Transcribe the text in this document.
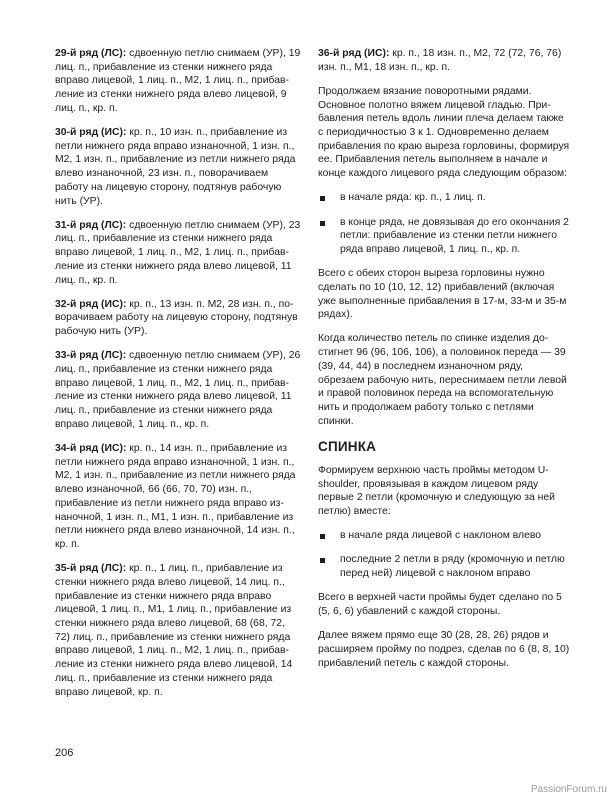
29-й ряд (ЛС): сдвоенную петлю снимаем (УР), 19 лиц. п., прибавление из стенки нижнего ряда вправо лицевой, 1 лиц. п., М2, 1 лиц. п., прибавление из стенки нижнего ряда влево лицевой, 9 лиц. п., кр. п.

30-й ряд (ИС): кр. п., 10 изн. п., прибавление из петли нижнего ряда вправо изнаночной, 1 изн. п., М2, 1 изн. п., прибавление из петли нижнего ряда влево изнаночной, 23 изн. п., поворачиваем работу на лицевую сторону, подтянув рабочую нить (УР).

31-й ряд (ЛС): сдвоенную петлю снимаем (УР), 23 лиц. п., прибавление из стенки нижнего ряда вправо лицевой, 1 лиц. п., М2, 1 лиц. п., прибавление из стенки нижнего ряда влево лицевой, 11 лиц. п., кр. п.

32-й ряд (ИС): кр. п., 13 изн. п. М2, 28 изн. п., поворачиваем работу на лицевую сторону, подтянув рабочую нить (УР).

33-й ряд (ЛС): сдвоенную петлю снимаем (УР), 26 лиц. п., прибавление из стенки нижнего ряда вправо лицевой, 1 лиц. п., М2, 1 лиц. п., прибавление из стенки нижнего ряда влево лицевой, 11 лиц. п., прибавление из стенки нижнего ряда вправо лицевой, 1 лиц. п., кр. п.

34-й ряд (ИС): кр. п., 14 изн. п., прибавление из петли нижнего ряда вправо изнаночной, 1 изн. п., М2, 1 изн. п., прибавление из петли нижнего ряда влево изнаночной, 66 (66, 70, 70) изн. п., прибавление из петли нижнего ряда вправо изнаночной, 1 изн. п., М1, 1 изн. п., прибавление из петли нижнего ряда влево изнаночной, 14 изн. п., кр. п.

35-й ряд (ЛС): кр. п., 1 лиц. п., прибавление из стенки нижнего ряда влево лицевой, 14 лиц. п., прибавление из стенки нижнего ряда вправо лицевой, 1 лиц. п., М1, 1 лиц. п., прибавление из стенки нижнего ряда влево лицевой, 68 (68, 72, 72) лиц. п., прибавление из стенки нижнего ряда вправо лицевой, 1 лиц. п., М2, 1 лиц. п., прибавление из стенки нижнего ряда влево лицевой, 14 лиц. п., прибавление из стенки нижнего ряда вправо лицевой, кр. п.

36-й ряд (ИС): кр. п., 18 изн. п., М2, 72 (72, 76, 76) изн. п., М1, 18 изн. п., кр. п.

Продолжаем вязание поворотными рядами. Основное полотно вяжем лицевой гладью. Прибавления петель вдоль линии плеча делаем также с периодичностью 3 к 1. Одновременно делаем прибавления по краю выреза горловины, формируя ее. Прибавления петель выполняем в начале и конце каждого лицевого ряда следующим образом:

в начале ряда: кр. п., 1 лиц. п.
в конце ряда, не довязывая до его окончания 2 петли: прибавление из стенки петли нижнего ряда вправо лицевой, 1 лиц. п., кр. п.

Всего с обеих сторон выреза горловины нужно сделать по 10 (10, 12, 12) прибавлений (включая уже выполненные прибавления в 17-м, 33-м и 35-м рядах).

Когда количество петель по спинке изделия достигнет 96 (96, 106, 106), а половинок переда — 39 (39, 44, 44) в последнем изнаночном ряду, обрезаем рабочую нить, переснимаем петли левой и правой половинок переда на вспомогательную нить и продолжаем работу только с петлями спинки.

СПИНКА

Формируем верхнюю часть проймы методом U-shoulder, провязывая в каждом лицевом ряду первые 2 петли (кромочную и следующую за ней петлю) вместе:

в начале ряда лицевой с наклоном влево
последние 2 петли в ряду (кромочную и петлю перед ней) лицевой с наклоном вправо

Всего в верхней части проймы будет сделано по 5 (5, 6, 6) убавлений с каждой стороны.

Далее вяжем прямо еще 30 (28, 28, 26) рядов и расширяем пройму по подрез, сделав по 6 (8, 8, 10) прибавлений петель с каждой стороны.

206
PassionForum.ru
